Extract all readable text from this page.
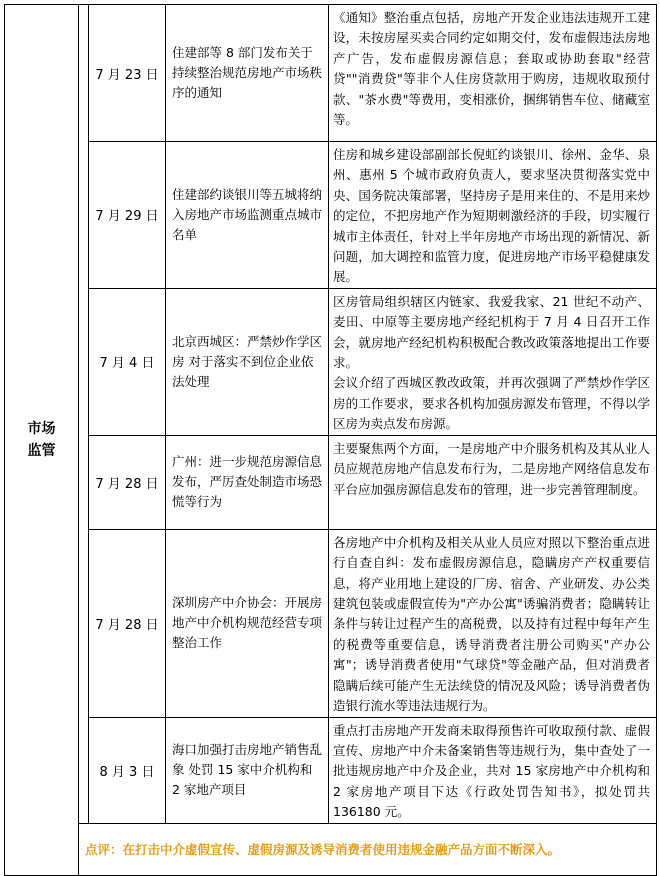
市场
监管		7 月 23 日	住建部等 8 部门发布关于持续整治规范房地产市场秩序的通知	《通知》整治重点包括，房地产开发企业违法违规开工建设，未按房屋买卖合同约定如期交付，发布虚假违法房地产广告，发布虚假房源信息；套取或协助套取"经营贷""消费贷"等非个人住房贷款用于购房，违规收取预付款、"茶水费"等费用，变相涨价，捆绑销售车位、储藏室等。

		7 月 29 日	住建部约谈银川等五城将纳入房地产市场监测重点城市名单	住房和城乡建设部副部长倪虹约谈银川、徐州、金华、泉州、惠州 5 个城市政府负责人，要求坚决贯彻落实党中央、国务院决策部署，坚持房子是用来住的、不是用来炒的定位，不把房地产作为短期刺激经济的手段，切实履行城市主体责任，针对上半年房地产市场出现的新情况、新问题，加大调控和监管力度，促进房地产市场平稳健康发展。

		7 月 4 日	北京西城区：严禁炒作学区房 对于落实不到位企业依法处理	区房管局组织辖区内链家、我爱我家、21 世纪不动产、麦田、中原等主要房地产经纪机构于 7 月 4 日召开工作会，就房地产经纪机构积极配合教改政策落地提出工作要求。

会议介绍了西城区教改政策，并再次强调了严禁炒作学区房的工作要求，要求各机构加强房源发布管理，不得以学区房为卖点发布房源。

		7 月 28 日	广州：进一步规范房源信息发布，严厉查处制造市场恐慌等行为	主要聚焦两个方面，一是房地产中介服务机构及其从业人员应规范房地产信息发布行为，二是房地产网络信息发布平台应加强房源信息发布的管理，进一步完善管理制度。

		7 月 28 日	深圳房产中介协会：开展房地产中介机构规范经营专项整治工作	各房地产中介机构及相关从业人员应对照以下整治重点进行自查自纠：发布虚假房源信息，隐瞒房产产权重要信息，将产业用地上建设的厂房、宿舍、产业研发、办公类建筑包装或虚假宣传为"产办公寓"诱骗消费者；隐瞒转让条件与转让过程产生的高税费，以及持有过程中每年产生的税费等重要信息，诱导消费者注册公司购买"产办公寓"；诱导消费者使用"气球贷"等金融产品，但对消费者隐瞒后续可能产生无法续贷的情况及风险；诱导消费者伪造银行流水等违法违规行为。

		8 月 3 日	海口加强打击房地产销售乱象 处罚 15 家中介机构和 2 家地产项目	重点打击房地产开发商未取得预售许可收取预付款、虚假宣传、房地产中介未备案销售等违规行为，集中查处了一批违规房地产中介及企业，共对 15 家房地产中介机构和 2 家房地产项目下达《行政处罚告知书》，拟处罚共 136180 元。

	点评：在打击中介虚假宣传、虚假房源及诱导消费者使用违规金融产品方面不断深入。			
